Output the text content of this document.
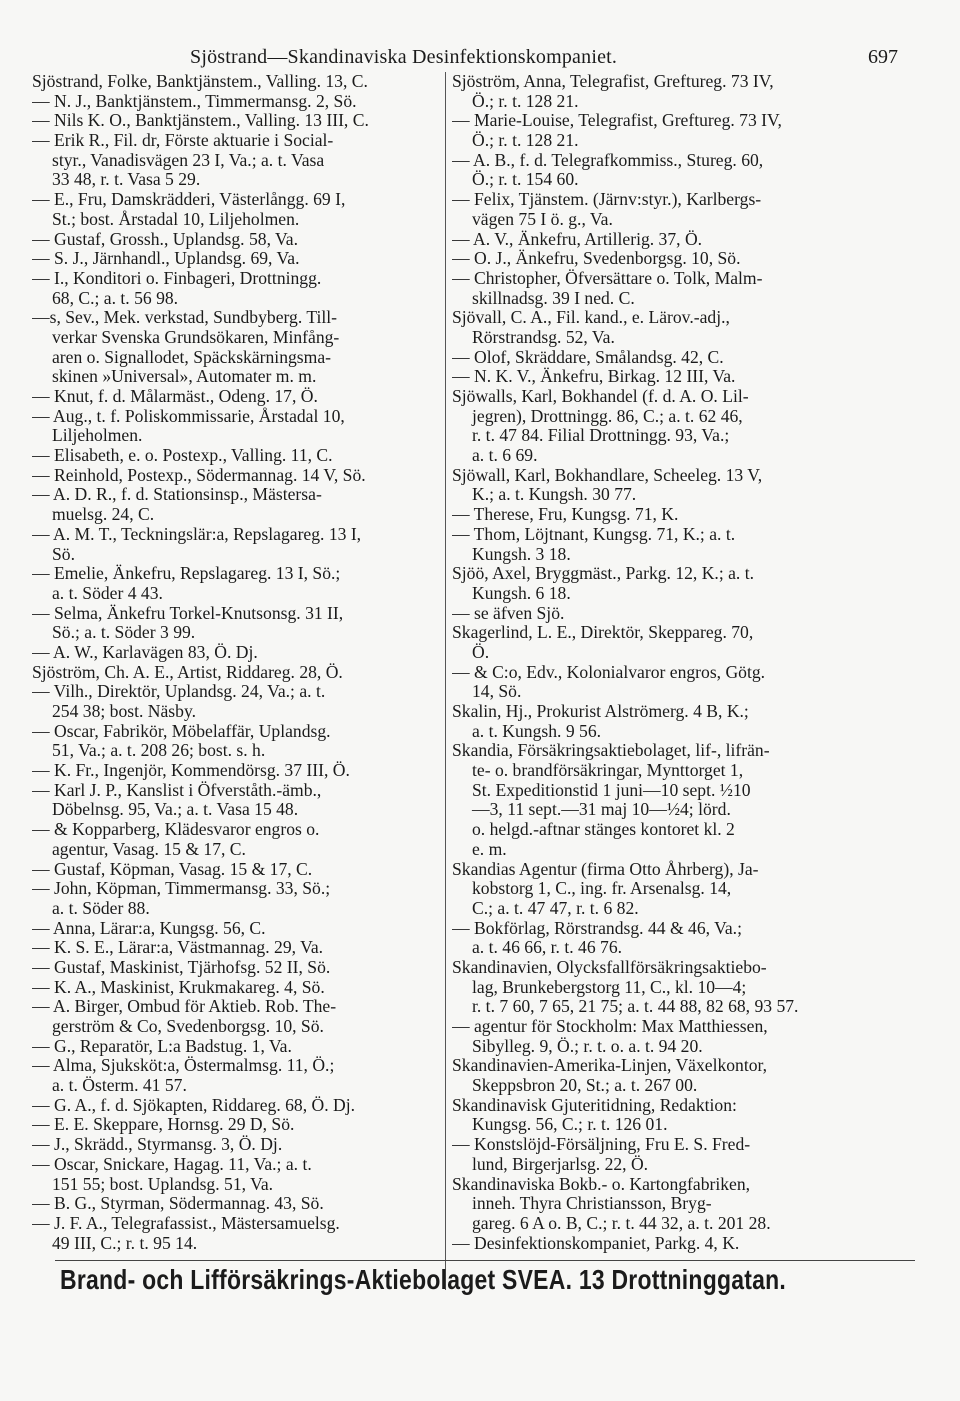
Sjöstrand—Skandinaviska Desinfektionskompaniet.	697
Sjöstrand, Folke, Banktjänstem., Valling. 13, C.
— N. J., Banktjänstem., Timmermansg. 2, Sö.
— Nils K. O., Banktjänstem., Valling. 13 III, C.
— Erik R., Fil. dr, Förste aktuarie i Social-
styr., Vanadisvägen 23 I, Va.; a. t. Vasa
33 48, r. t. Vasa 5 29.
— E., Fru, Damskrädderi, Västerlångg. 69 I,
St.; bost. Årstadal 10, Liljeholmen.
— Gustaf, Grossh., Uplandsg. 58, Va.
— S. J., Järnhandl., Uplandsg. 69, Va.
— I., Konditori o. Finbageri, Drottningg.
68, C.; a. t. 56 98.
—s, Sev., Mek. verkstad, Sundbyberg. Till-
verkar Svenska Grundsökaren, Minfång-
aren o. Signallodet, Späckskärningsma-
skinen »Universal», Automater m. m.
— Knut, f. d. Målarmäst., Odeng. 17, Ö.
— Aug., t. f. Poliskommissarie, Årstadal 10,
Liljeholmen.
— Elisabeth, e. o. Postexp., Valling. 11, C.
— Reinhold, Postexp., Södermannag. 14 V, Sö.
— A. D. R., f. d. Stationsinsp., Mästersa-
muelsg. 24, C.
— A. M. T., Teckningslär:a, Repslagareg. 13 I,
Sö.
— Emelie, Änkefru, Repslagareg. 13 I, Sö.;
a. t. Söder 4 43.
— Selma, Änkefru Torkel-Knutsonsg. 31 II,
Sö.; a. t. Söder 3 99.
— A. W., Karlavägen 83, Ö. Dj.
Sjöström, Ch. A. E., Artist, Riddareg. 28, Ö.
— Vilh., Direktör, Uplandsg. 24, Va.; a. t.
254 38; bost. Näsby.
— Oscar, Fabrikör, Möbelaffär, Uplandsg.
51, Va.; a. t. 208 26; bost. s. h.
— K. Fr., Ingenjör, Kommendörsg. 37 III, Ö.
— Karl J. P., Kanslist i Öfverståth.-ämb.,
Döbelnsg. 95, Va.; a. t. Vasa 15 48.
— & Kopparberg, Klädesvaror engros o.
agentur, Vasag. 15 & 17, C.
— Gustaf, Köpman, Vasag. 15 & 17, C.
— John, Köpman, Timmermansg. 33, Sö.;
a. t. Söder 88.
— Anna, Lärar:a, Kungsg. 56, C.
— K. S. E., Lärar:a, Västmannag. 29, Va.
— Gustaf, Maskinist, Tjärhofsg. 52 II, Sö.
— K. A., Maskinist, Krukmakareg. 4, Sö.
— A. Birger, Ombud för Aktieb. Rob. The-
gerström & Co, Svedenborgsg. 10, Sö.
— G., Reparatör, L:a Badstug. 1, Va.
— Alma, Sjuksköt:a, Östermalmsg. 11, Ö.;
a. t. Österm. 41 57.
— G. A., f. d. Sjökapten, Riddareg. 68, Ö. Dj.
— E. E. Skeppare, Hornsg. 29 D, Sö.
— J., Skrädd., Styrmansg. 3, Ö. Dj.
— Oscar, Snickare, Hagag. 11, Va.; a. t.
151 55; bost. Uplandsg. 51, Va.
— B. G., Styrman, Södermannag. 43, Sö.
— J. F. A., Telegrafassist., Mästersamuelsg.
49 III, C.; r. t. 95 14.
Sjöström, Anna, Telegrafist, Greftureg. 73 IV,
Ö.; r. t. 128 21.
— Marie-Louise, Telegrafist, Greftureg. 73 IV,
Ö.; r. t. 128 21.
— A. B., f. d. Telegrafkommiss., Stureg. 60,
Ö.; r. t. 154 60.
— Felix, Tjänstem. (Järnv:styr.), Karlbergs-
vägen 75 I ö. g., Va.
— A. V., Änkefru, Artillerig. 37, Ö.
— O. J., Änkefru, Svedenborgsg. 10, Sö.
— Christopher, Öfversättare o. Tolk, Malm-
skillnadsg. 39 I ned. C.
Sjövall, C. A., Fil. kand., e. Lärov.-adj.,
Rörstrandsg. 52, Va.
— Olof, Skräddare, Smålandsg. 42, C.
— N. K. V., Änkefru, Birkag. 12 III, Va.
Sjöwalls, Karl, Bokhandel (f. d. A. O. Lil-
jegren), Drottningg. 86, C.; a. t. 62 46,
r. t. 47 84. Filial Drottningg. 93, Va.;
a. t. 6 69.
Sjöwall, Karl, Bokhandlare, Scheeleg. 13 V,
K.; a. t. Kungsh. 30 77.
— Therese, Fru, Kungsg. 71, K.
— Thom, Löjtnant, Kungsg. 71, K.; a. t.
Kungsh. 3 18.
Sjöö, Axel, Bryggmäst., Parkg. 12, K.; a. t.
Kungsh. 6 18.
— se äfven Sjö.
Skagerlind, L. E., Direktör, Skeppareg. 70,
Ö.
— & C:o, Edv., Kolonialvaror engros, Götg.
14, Sö.
Skalin, Hj., Prokurist Alströmerg. 4 B, K.;
a. t. Kungsh. 9 56.
Skandia, Försäkringsaktiebolaget, lif-, lifrän-
te- o. brandförsäkringar, Mynttorget 1,
St. Expeditionstid 1 juni—10 sept. ½10
—3, 11 sept.—31 maj 10—½4; lörd.
o. helgd.-aftnar stänges kontoret kl. 2
e. m.
Skandias Agentur (firma Otto Åhrberg), Ja-
kobstorg 1, C., ing. fr. Arsenalsg. 14,
C.; a. t. 47 47, r. t. 6 82.
— Bokförlag, Rörstrandsg. 44 & 46, Va.;
a. t. 46 66, r. t. 46 76.
Skandinavien, Olycksfallförsäkringsaktiebo-
lag, Brunkebergstorg 11, C., kl. 10—4;
r. t. 7 60, 7 65, 21 75; a. t. 44 88, 82 68, 93 57.
— agentur för Stockholm: Max Matthiessen,
Sibylleg. 9, Ö.; r. t. o. a. t. 94 20.
Skandinavien-Amerika-Linjen, Växelkontor,
Skeppsbron 20, St.; a. t. 267 00.
Skandinavisk Gjuteritidning, Redaktion:
Kungsg. 56, C.; r. t. 126 01.
— Konstslöjd-Försäljning, Fru E. S. Fred-
lund, Birgerjarlsg. 22, Ö.
Skandinaviska Bokb.- o. Kartongfabriken,
inneh. Thyra Christiansson, Bryg-
gareg. 6 A o. B, C.; r. t. 44 32, a. t. 201 28.
— Desinfektionskompaniet, Parkg. 4, K.
Brand- och Lifförsäkrings-Aktiebolaget SVEA. 13 Drottninggatan.
